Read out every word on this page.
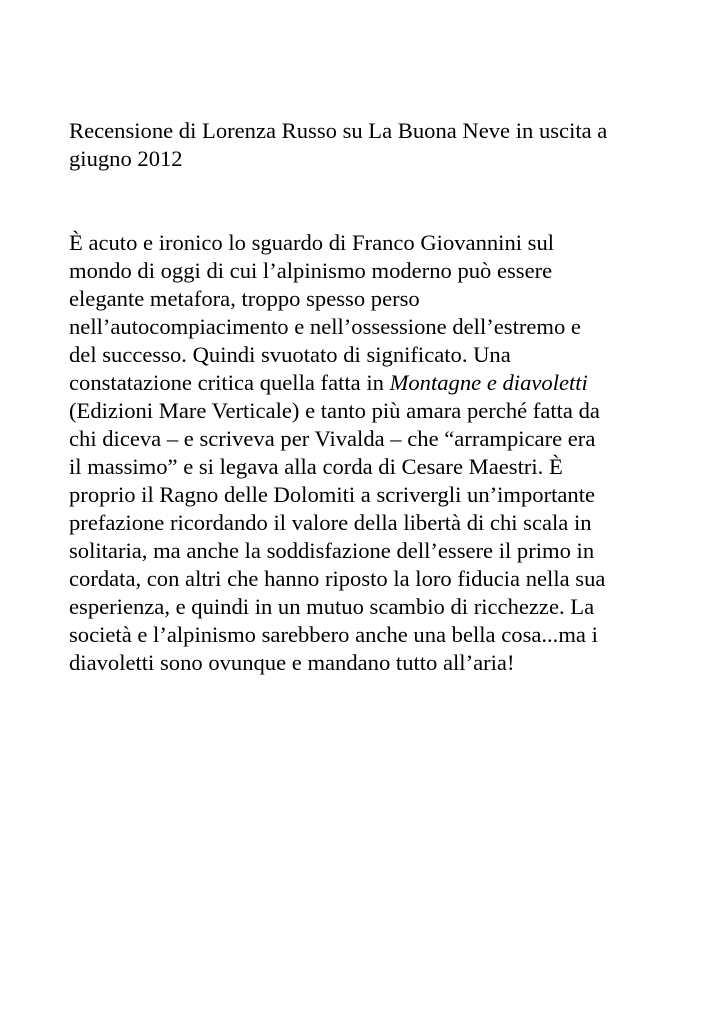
Recensione di Lorenza Russo su La Buona Neve in uscita a

giugno 2012

È acuto e ironico lo sguardo di Franco Giovannini sul

mondo di oggi di cui l’alpinismo moderno può essere

elegante metafora, troppo spesso perso

nell’autocompiacimento e nell’ossessione dell’estremo e

del successo. Quindi svuotato di significato. Una

constatazione critica quella fatta in Montagne e diavoletti

(Edizioni Mare Verticale) e tanto più amara perché fatta da

chi diceva – e scriveva per Vivalda – che “arrampicare era

il massimo” e si legava alla corda di Cesare Maestri. È

proprio il Ragno delle Dolomiti a scrivergli un’importante

prefazione ricordando il valore della libertà di chi scala in

solitaria, ma anche la soddisfazione dell’essere il primo in

cordata, con altri che hanno riposto la loro fiducia nella sua

esperienza, e quindi in un mutuo scambio di ricchezze. La

società e l’alpinismo sarebbero anche una bella cosa...ma i

diavoletti sono ovunque e mandano tutto all’aria!
